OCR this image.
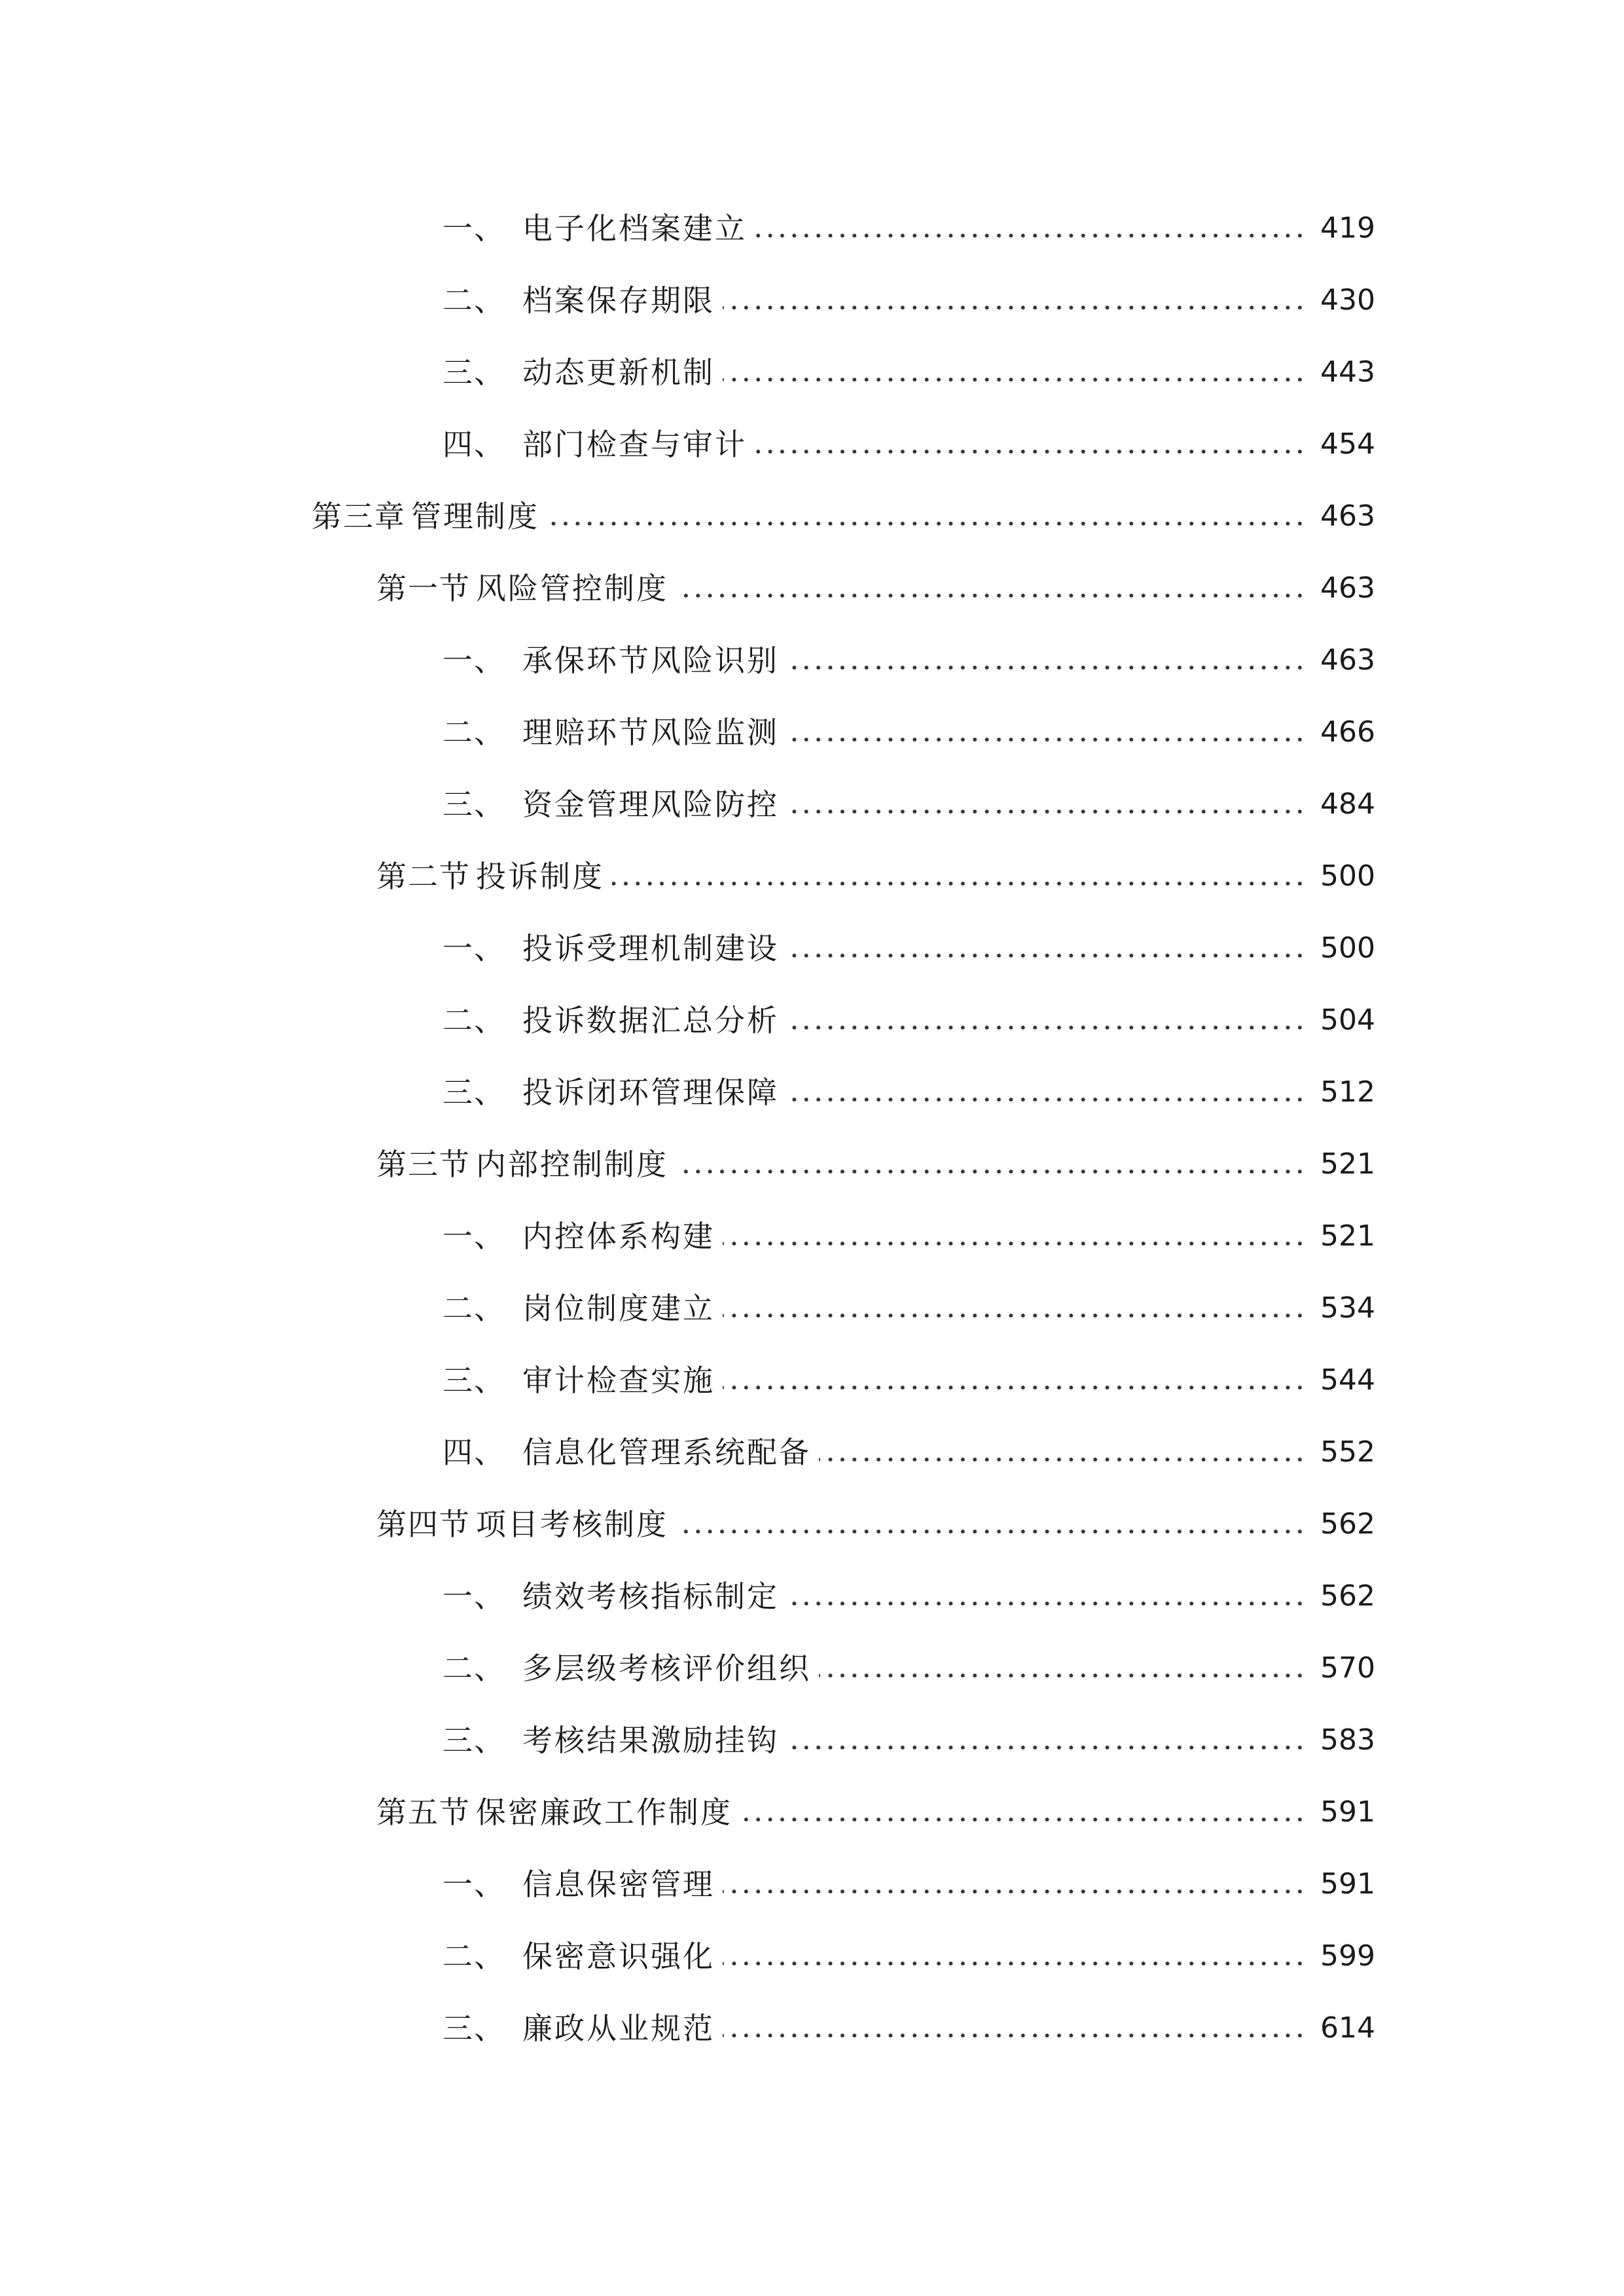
一、 电子化档案建立	419
二、 档案保存期限	430
三、 动态更新机制	443
四、 部门检查与审计	454
第三章 管理制度	463
第一节 风险管控制度	463
一、 承保环节风险识别	463
二、 理赔环节风险监测	466
三、 资金管理风险防控	484
第二节 投诉制度	500
一、 投诉受理机制建设	500
二、 投诉数据汇总分析	504
三、 投诉闭环管理保障	512
第三节 内部控制制度	521
一、 内控体系构建	521
二、 岗位制度建立	534
三、 审计检查实施	544
四、 信息化管理系统配备	552
第四节 项目考核制度	562
一、 绩效考核指标制定	562
二、 多层级考核评价组织	570
三、 考核结果激励挂钩	583
第五节 保密廉政工作制度	591
一、 信息保密管理	591
二、 保密意识强化	599
三、 廉政从业规范	614
